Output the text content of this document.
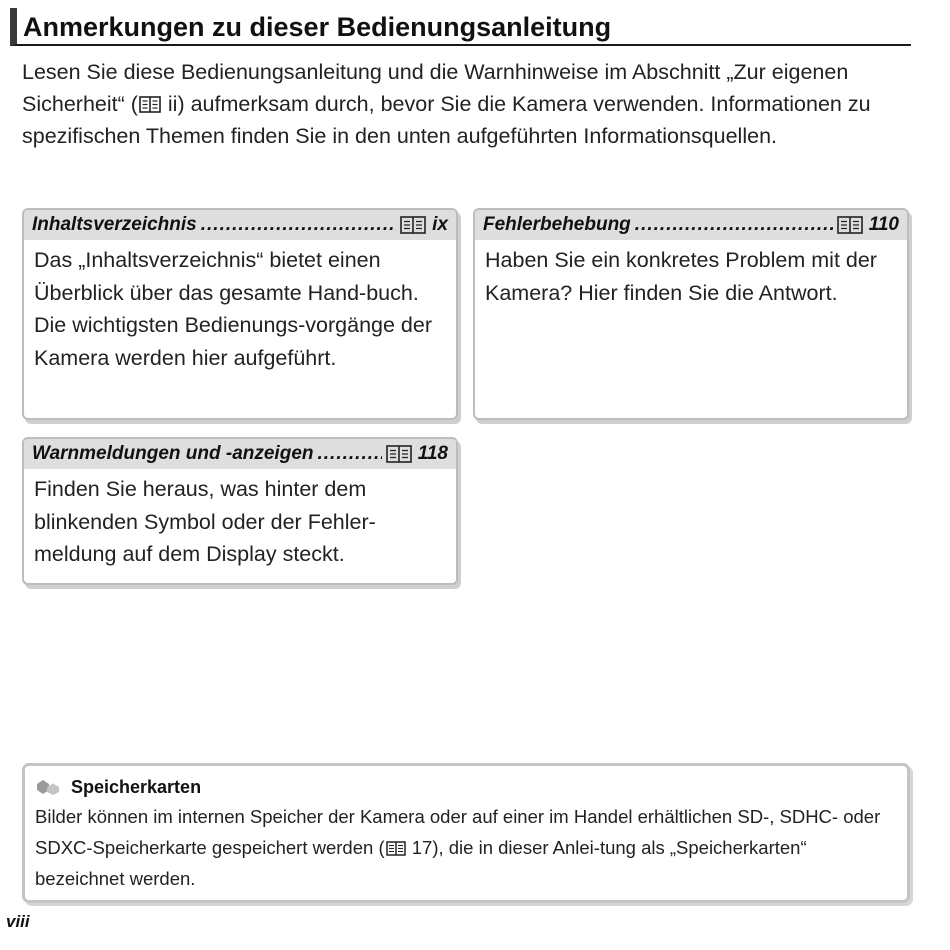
Anmerkungen zu dieser Bedienungsanleitung
Lesen Sie diese Bedienungsanleitung und die Warnhinweise im Abschnitt „Zur eigenen Sicherheit“ ( ii) aufmerksam durch, bevor Sie die Kamera verwenden. Informationen zu spezifischen Themen finden Sie in den unten aufgeführten Informationsquellen.
Inhaltsverzeichnis .....	ix
Das „Inhaltsverzeichnis“ bietet einen Überblick über das gesamte Hand-buch. Die wichtigsten Bedienungs-vorgänge der Kamera werden hier aufgeführt.
Fehlerbehebung .....	110
Haben Sie ein konkretes Problem mit der Kamera? Hier finden Sie die Antwort.
Warnmeldungen und -anzeigen .....	118
Finden Sie heraus, was hinter dem blinkenden Symbol oder der Fehler-meldung auf dem Display steckt.
Speicherkarten
Bilder können im internen Speicher der Kamera oder auf einer im Handel erhältlichen SD-, SDHC- oder SDXC-Speicherkarte gespeichert werden ( 17), die in dieser Anlei-tung als „Speicherkarten“ bezeichnet werden.
viii
